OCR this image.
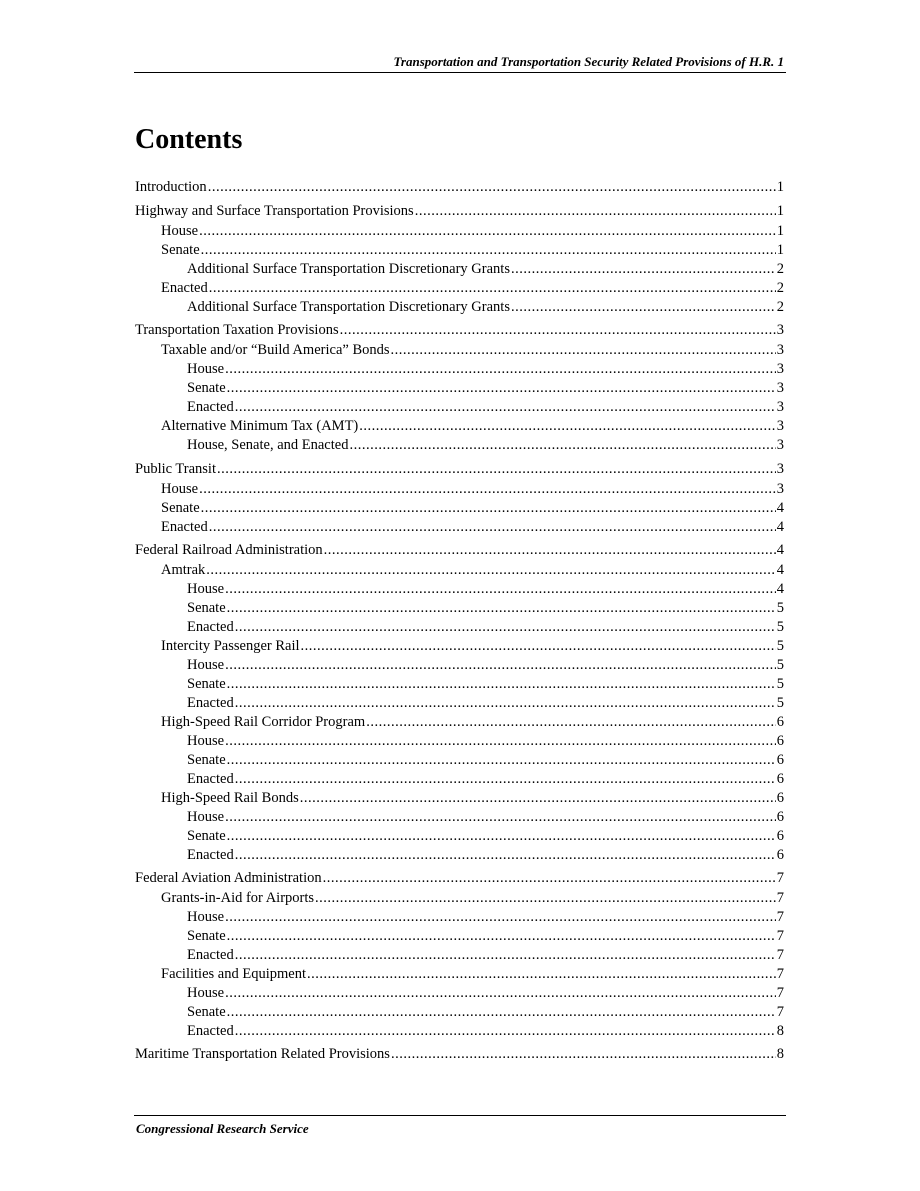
Transportation and Transportation Security Related Provisions of H.R. 1
Contents
Introduction .....	1
Highway and Surface Transportation Provisions .....	1
House .....	1
Senate .....	1
Additional Surface Transportation Discretionary Grants .....	2
Enacted .....	2
Additional Surface Transportation Discretionary Grants .....	2
Transportation Taxation Provisions .....	3
Taxable and/or “Build America” Bonds .....	3
House .....	3
Senate .....	3
Enacted .....	3
Alternative Minimum Tax (AMT) .....	3
House, Senate, and Enacted .....	3
Public Transit .....	3
House .....	3
Senate .....	4
Enacted .....	4
Federal Railroad Administration .....	4
Amtrak .....	4
House .....	4
Senate .....	5
Enacted .....	5
Intercity Passenger Rail .....	5
House .....	5
Senate .....	5
Enacted .....	5
High-Speed Rail Corridor Program .....	6
House .....	6
Senate .....	6
Enacted .....	6
High-Speed Rail Bonds .....	6
House .....	6
Senate .....	6
Enacted .....	6
Federal Aviation Administration .....	7
Grants-in-Aid for Airports .....	7
House .....	7
Senate .....	7
Enacted .....	7
Facilities and Equipment .....	7
House .....	7
Senate .....	7
Enacted .....	8
Maritime Transportation Related Provisions .....	8
Congressional Research Service
